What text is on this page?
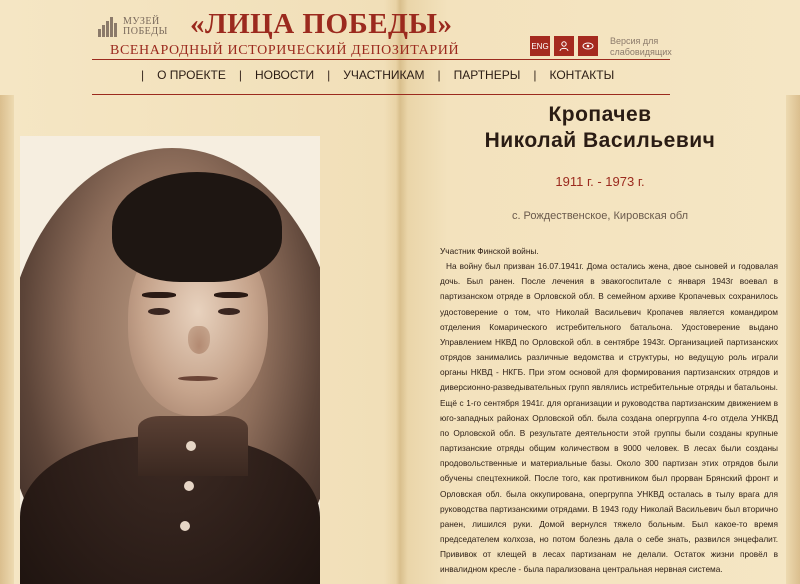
МУЗЕЙ
ПОБЕДЫ «ЛИЦА ПОБЕДЫ»
ВСЕНАРОДНЫЙ ИСТОРИЧЕСКИЙ ДЕПОЗИТАРИЙ	ENG	Версия для слабовидящих
| О ПРОЕКТЕ | НОВОСТИ | УЧАСТНИКАМ | ПАРТНЕРЫ | КОНТАКТЫ
Кропачев
Николай Васильевич
1911 г. - 1973 г.
с. Рождественское, Кировская обл

Участник Финской войны.

На войну был призван 16.07.1941г. Дома остались жена, двое сыновей и годовалая дочь. Был ранен. После лечения в эвакогоспитале с января 1943г воевал в партизанском отряде в Орловской обл. В семейном архиве Кропачевых сохранилось удостоверение о том, что Николай Васильевич Кропачев является командиром отделения Комарического истребительного батальона. Удостоверение выдано Управлением НКВД по Орловской обл. в сентябре 1943г. Организацией партизанских отрядов занимались различные ведомства и структуры, но ведущую роль играли органы НКВД - НКГБ. При этом основой для формирования партизанских отрядов и диверсионно-разведывательных групп являлись истребительные отряды и батальоны. Ещё с 1-го сентября 1941г. для организации и руководства партизанским движением в юго-западных районах Орловской обл. была создана опергруппа 4-го отдела УНКВД по Орловской обл. В результате деятельности этой группы были созданы крупные партизанские отряды общим количеством в 9000 человек. В лесах были созданы продовольственные и материальные базы. Около 300 партизан этих отрядов были обучены спецтехникой. После того, как противником был прорван Брянский фронт и Орловская обл. была оккупирована, опергруппа УНКВД осталась в тылу врага для руководства партизанскими отрядами. В 1943 году Николай Васильевич был вторично ранен, лишился руки. Домой вернулся тяжело больным. Был какое-то время председателем колхоза, но потом болезнь дала о себе знать, развился энцефалит. Прививок от клещей в лесах партизанам не делали. Остаток жизни провёл в инвалидном кресле - была парализована центральная нервная система.
